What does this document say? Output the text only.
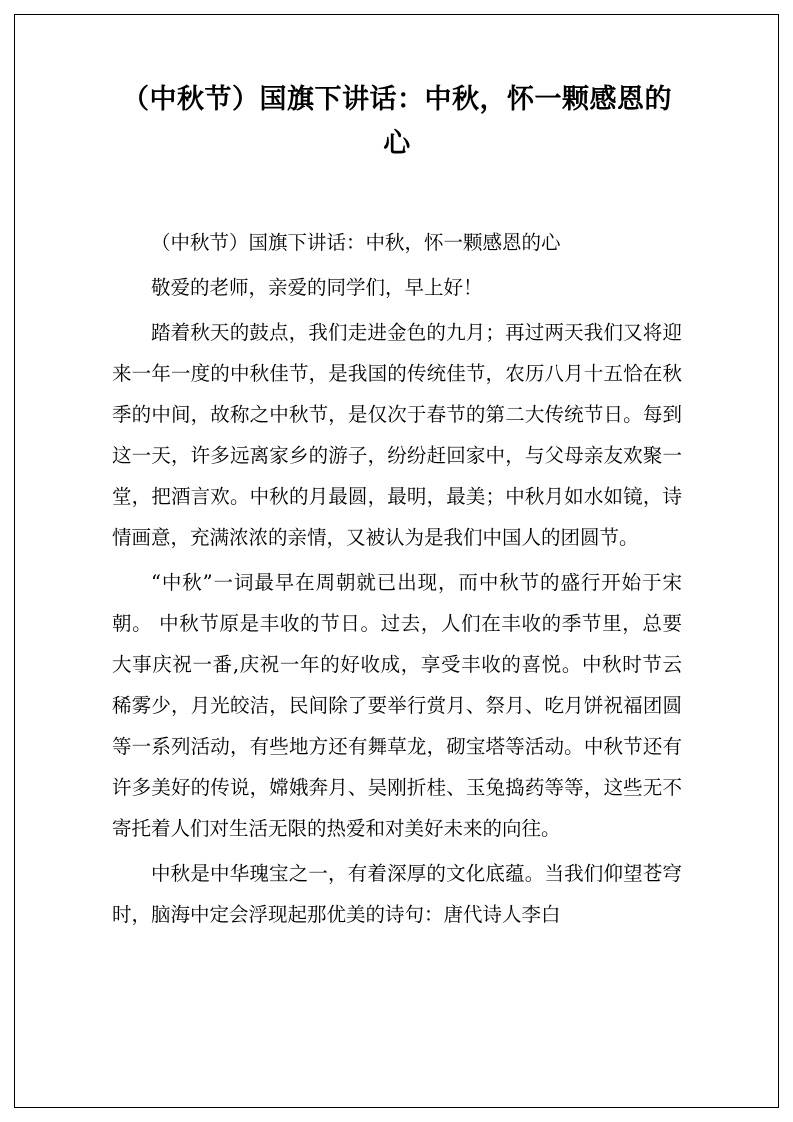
（中秋节）国旗下讲话：中秋，怀一颗感恩的心

（中秋节）国旗下讲话：中秋，怀一颗感恩的心

敬爱的老师，亲爱的同学们，早上好！

踏着秋天的鼓点，我们走进金色的九月；再过两天我们又将迎来一年一度的中秋佳节，是我国的传统佳节，农历八月十五恰在秋季的中间，故称之中秋节，是仅次于春节的第二大传统节日。每到这一天，许多远离家乡的游子，纷纷赶回家中，与父母亲友欢聚一堂，把酒言欢。中秋的月最圆，最明，最美；中秋月如水如镜，诗情画意，充满浓浓的亲情，又被认为是我们中国人的团圆节。

“中秋”一词最早在周朝就已出现，而中秋节的盛行开始于宋朝。 中秋节原是丰收的节日。过去，人们在丰收的季节里，总要大事庆祝一番,庆祝一年的好收成，享受丰收的喜悦。中秋时节云稀雾少，月光皎洁，民间除了要举行赏月、祭月、吃月饼祝福团圆等一系列活动，有些地方还有舞草龙，砌宝塔等活动。中秋节还有许多美好的传说，嫦娥奔月、吴刚折桂、玉兔捣药等等，这些无不寄托着人们对生活无限的热爱和对美好未来的向往。

中秋是中华瑰宝之一，有着深厚的文化底蕴。当我们仰望苍穹时，脑海中定会浮现起那优美的诗句：唐代诗人李白
